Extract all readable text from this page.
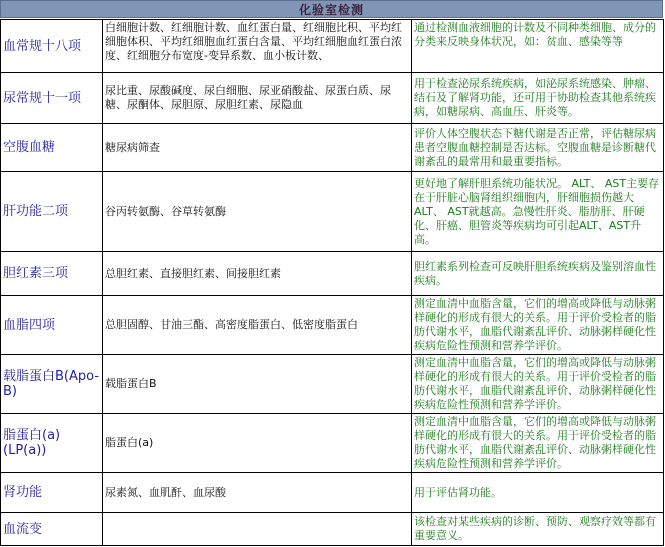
化验室检测
血常规十八项	白细胞计数、红细胞计数、血红蛋白量、红细胞比积、平均红细胞体积、平均红细胞血红蛋白含量、平均红细胞血红蛋白浓度、红细胞分布宽度-变异系数、血小板计数、	通过检测血液细胞的计数及不同种类细胞、成分的分类来反映身体状况，如：贫血、感染等等
尿常规十一项	尿比重、尿酸碱度、尿白细胞、尿亚硝酸盐、尿蛋白质、尿糖、尿酮体、尿胆原、尿胆红素、尿隐血	用于检查泌尿系统疾病，如泌尿系统感染、肿瘤、结石及了解肾功能，还可用于协助检查其他系统疾病，如糖尿病、高血压、肝炎等。
空腹血糖	糖尿病筛查	评价人体空腹状态下糖代谢是否正常，评估糖尿病患者空腹血糖控制是否达标。空腹血糖是诊断糖代谢紊乱的最常用和最重要指标。
肝功能二项	谷丙转氨酶、谷草转氨酶	更好地了解肝胆系统功能状况。 ALT、 AST主要存在于肝脏心脑肾组织细胞内，肝细胞损伤越大ALT、 AST就越高。急慢性肝炎、脂肪肝、肝硬化、肝癌、胆管炎等疾病均可引起ALT、AST升高。
胆红素三项	总胆红素、直接胆红素、间接胆红素	胆红素系列检查可反映肝胆系统疾病及鉴别溶血性疾病。
血脂四项	总胆固醇、甘油三酯、高密度脂蛋白、低密度脂蛋白	测定血清中血脂含量，它们的增高或降低与动脉粥样硬化的形成有很大的关系。用于评价受检者的脂肪代谢水平，血脂代谢紊乱评价、动脉粥样硬化性疾病危险性预测和营养学评价。
载脂蛋白B(Apo-B)	载脂蛋白B	测定血清中血脂含量，它们的增高或降低与动脉粥样硬化的形成有很大的关系。用于评价受检者的脂肪代谢水平，血脂代谢紊乱评价、动脉粥样硬化性疾病危险性预测和营养学评价。
脂蛋白(a)(LP(a))	脂蛋白(a)	测定血清中血脂含量，它们的增高或降低与动脉粥样硬化的形成有很大的关系。用于评价受检者的脂肪代谢水平，血脂代谢紊乱评价、动脉粥样硬化性疾病危险性预测和营养学评价。
肾功能	尿素氮、血肌酐、血尿酸	用于评估肾功能。
血流变		该检查对某些疾病的诊断、预防、观察疗效等都有重要意义。
